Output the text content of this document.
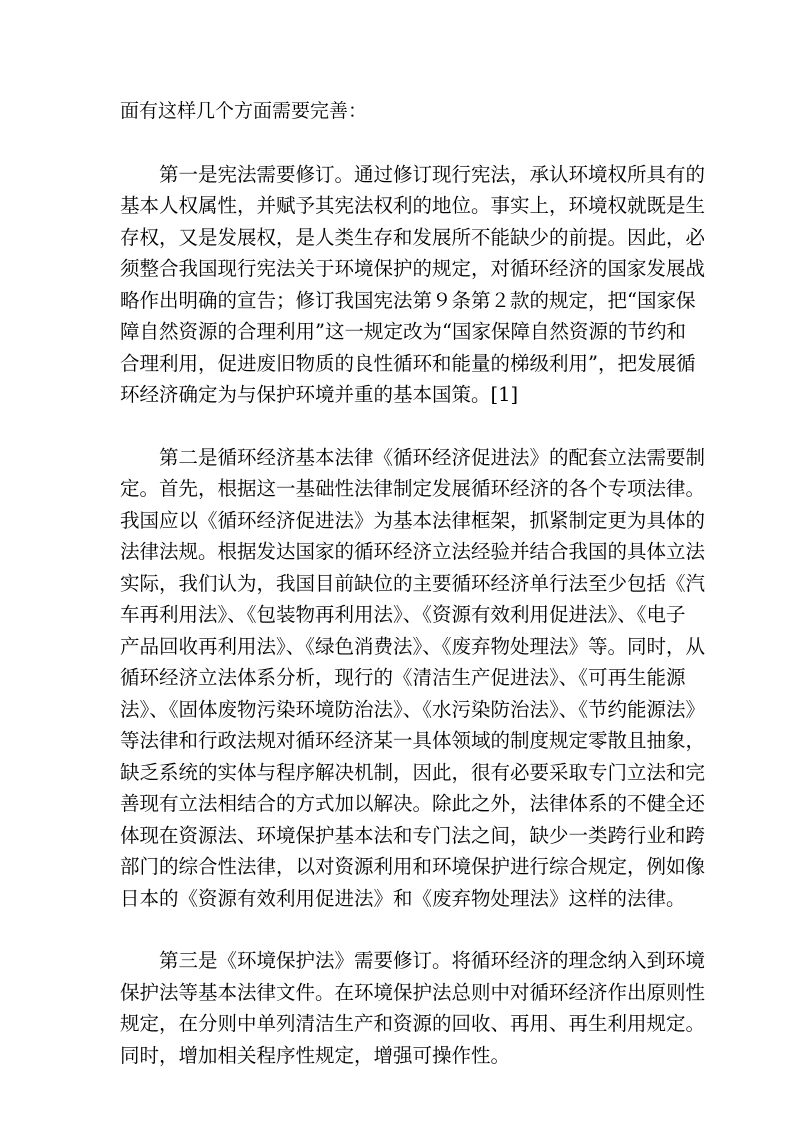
面有这样几个方面需要完善：
第一是宪法需要修订。通过修订现行宪法，承认环境权所具有的
基本人权属性，并赋予其宪法权利的地位。事实上，环境权就既是生
存权，又是发展权，是人类生存和发展所不能缺少的前提。因此，必
须整合我国现行宪法关于环境保护的规定，对循环经济的国家发展战
略作出明确的宣告；修订我国宪法第９条第２款的规定，把“国家保
障自然资源的合理利用”这一规定改为“国家保障自然资源的节约和
合理利用，促进废旧物质的良性循环和能量的梯级利用”，把发展循
环经济确定为与保护环境并重的基本国策。[1]
第二是循环经济基本法律《循环经济促进法》的配套立法需要制
定。首先，根据这一基础性法律制定发展循环经济的各个专项法律。
我国应以《循环经济促进法》为基本法律框架，抓紧制定更为具体的
法律法规。根据发达国家的循环经济立法经验并结合我国的具体立法
实际，我们认为，我国目前缺位的主要循环经济单行法至少包括《汽
车再利用法》、《包装物再利用法》、《资源有效利用促进法》、《电子
产品回收再利用法》、《绿色消费法》、《废弃物处理法》等。同时，从
循环经济立法体系分析，现行的《清洁生产促进法》、《可再生能源
法》、《固体废物污染环境防治法》、《水污染防治法》、《节约能源法》
等法律和行政法规对循环经济某一具体领域的制度规定零散且抽象，
缺乏系统的实体与程序解决机制，因此，很有必要采取专门立法和完
善现有立法相结合的方式加以解决。除此之外，法律体系的不健全还
体现在资源法、环境保护基本法和专门法之间，缺少一类跨行业和跨
部门的综合性法律，以对资源利用和环境保护进行综合规定，例如像
日本的《资源有效利用促进法》和《废弃物处理法》这样的法律。
第三是《环境保护法》需要修订。将循环经济的理念纳入到环境
保护法等基本法律文件。在环境保护法总则中对循环经济作出原则性
规定，在分则中单列清洁生产和资源的回收、再用、再生利用规定。
同时，增加相关程序性规定，增强可操作性。
